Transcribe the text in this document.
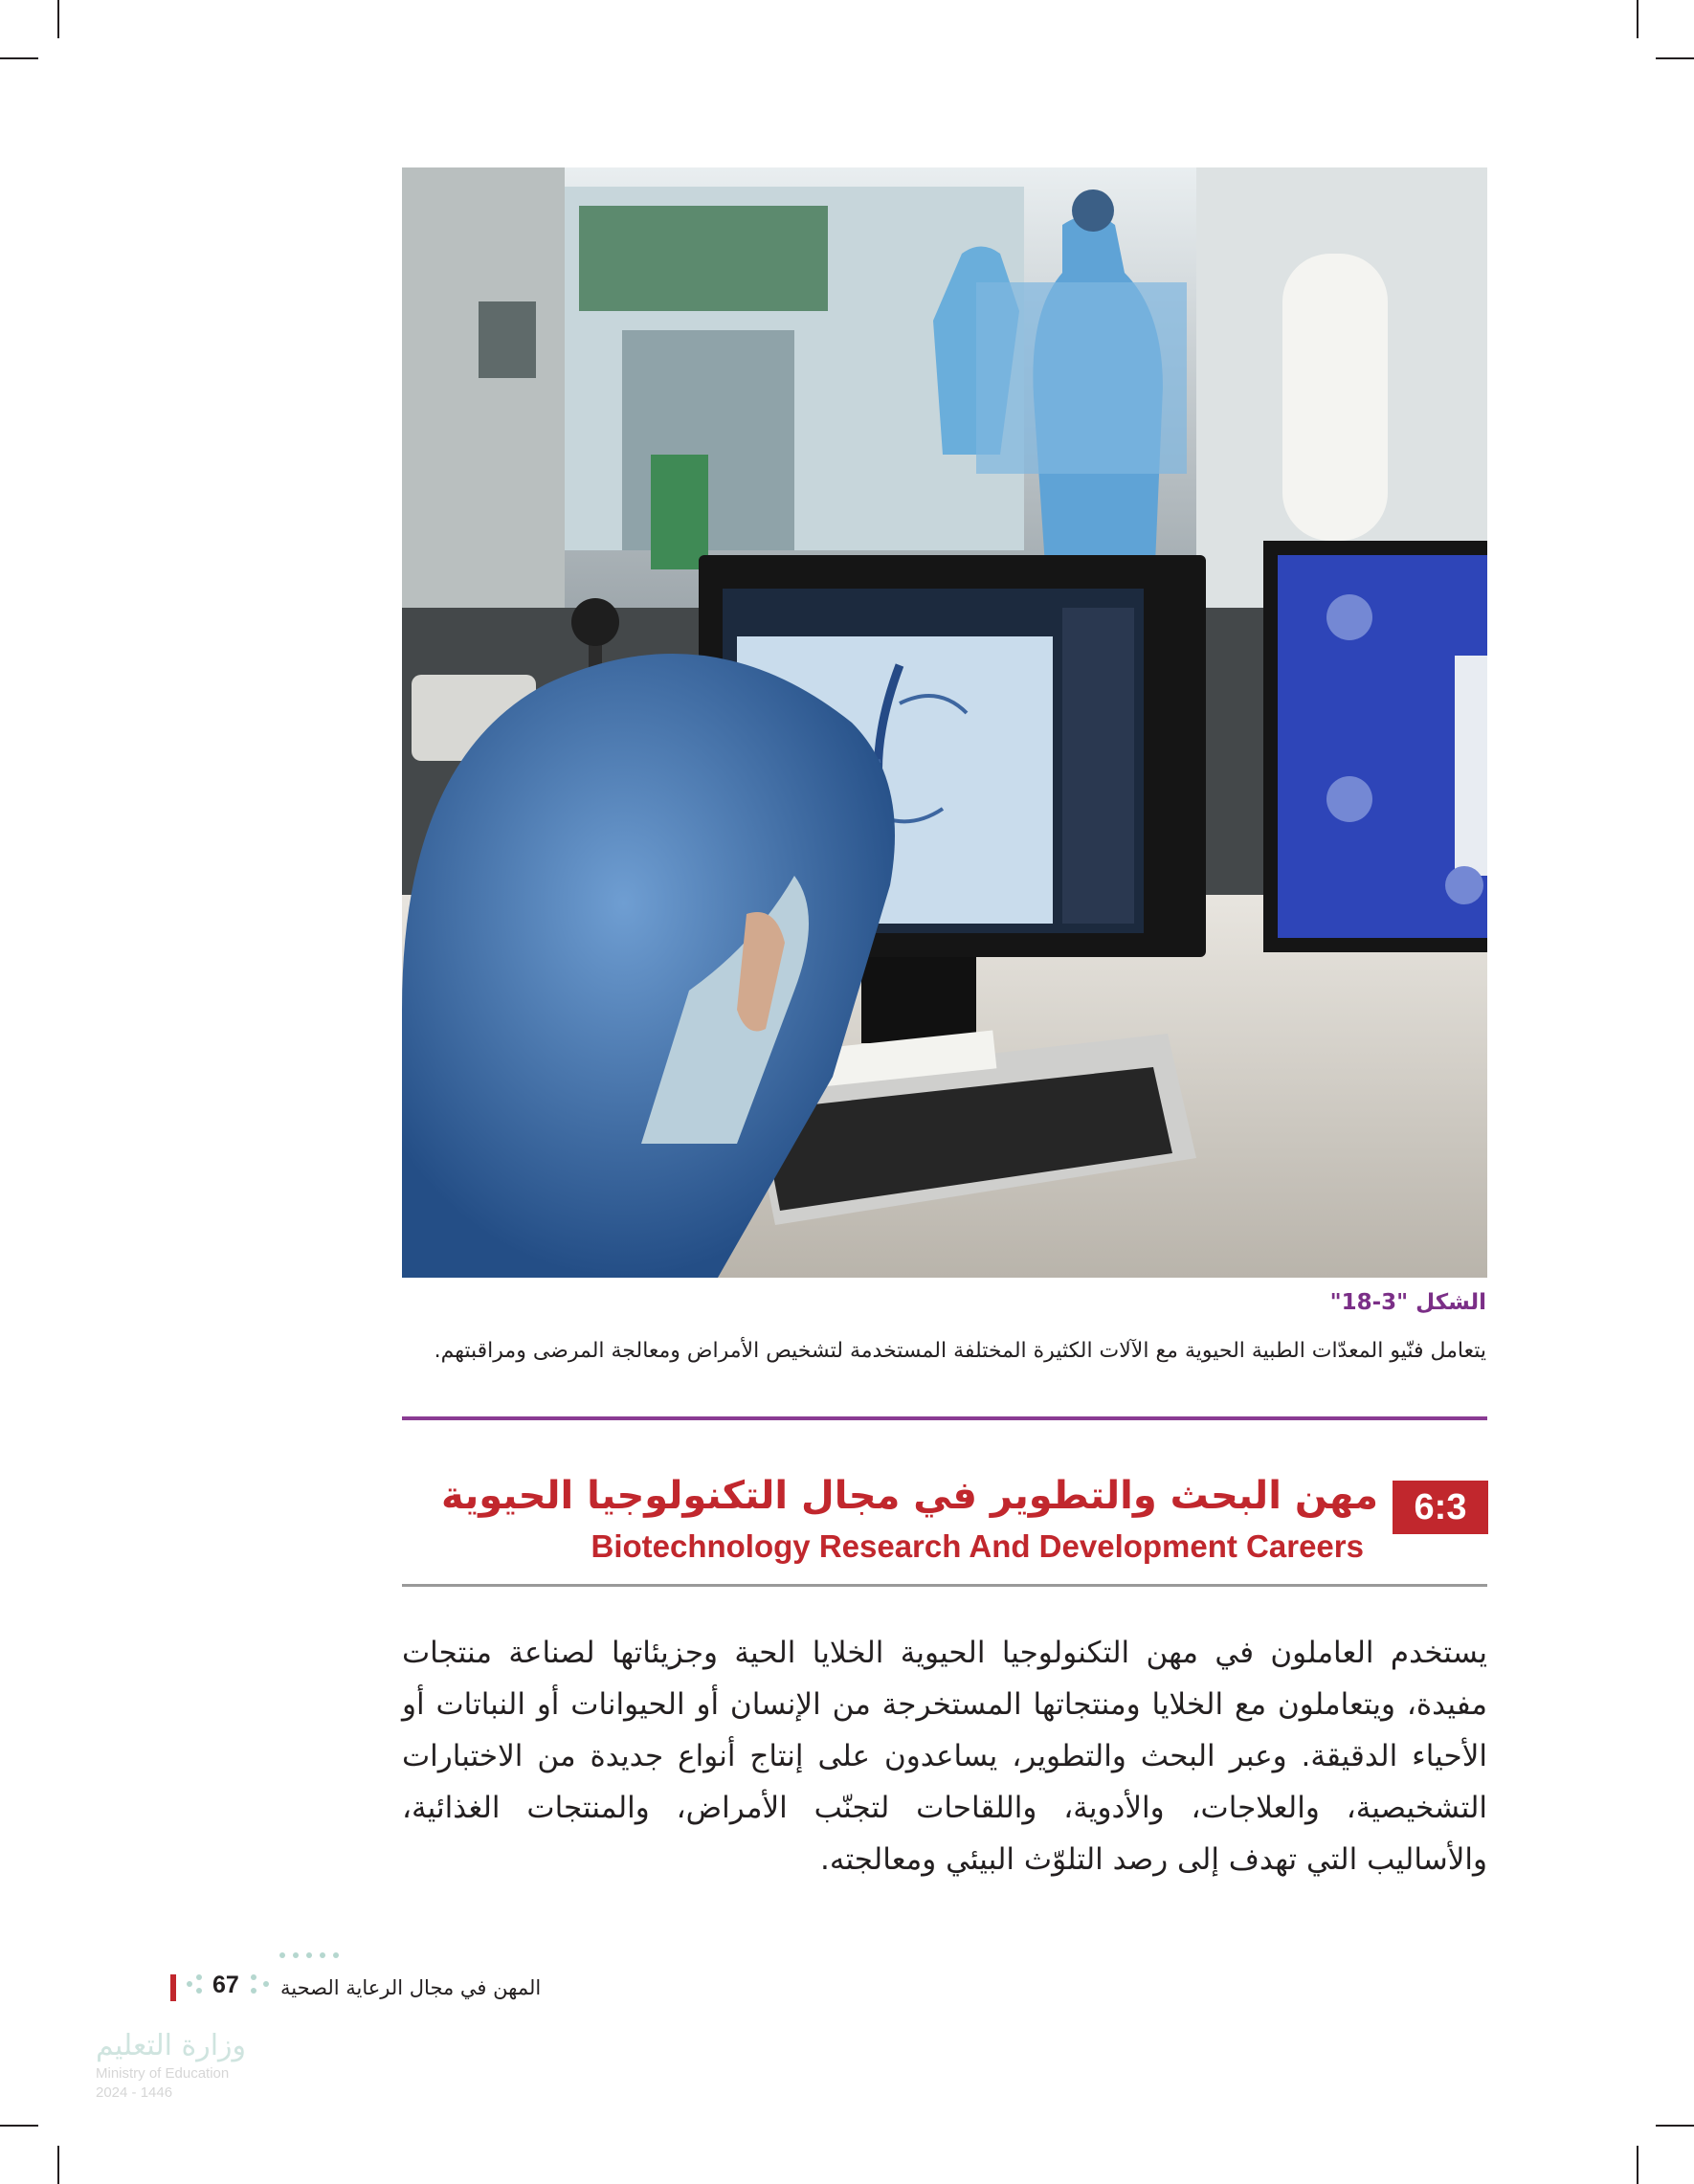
الشكل "3-18"
يتعامل فنّيو المعدّات الطبية الحيوية مع الآلات الكثيرة المختلفة المستخدمة لتشخيص الأمراض ومعالجة المرضى ومراقبتهم.
6:3
مهن البحث والتطوير في مجال التكنولوجيا الحيوية
Biotechnology Research And Development Careers
يستخدم العاملون في مهن التكنولوجيا الحيوية الخلايا الحية وجزيئاتها لصناعة منتجات مفيدة، ويتعاملون مع الخلايا ومنتجاتها المستخرجة من الإنسان أو الحيوانات أو النباتات أو الأحياء الدقيقة. وعبر البحث والتطوير، يساعدون على إنتاج أنواع جديدة من الاختبارات التشخيصية، والعلاجات، والأدوية، واللقاحات لتجنّب الأمراض، والمنتجات الغذائية، والأساليب التي تهدف إلى رصد التلوّث البيئي ومعالجته.
المهن في مجال الرعاية الصحية
67
وزارة التعليم
Ministry of Education
2024 - 1446
